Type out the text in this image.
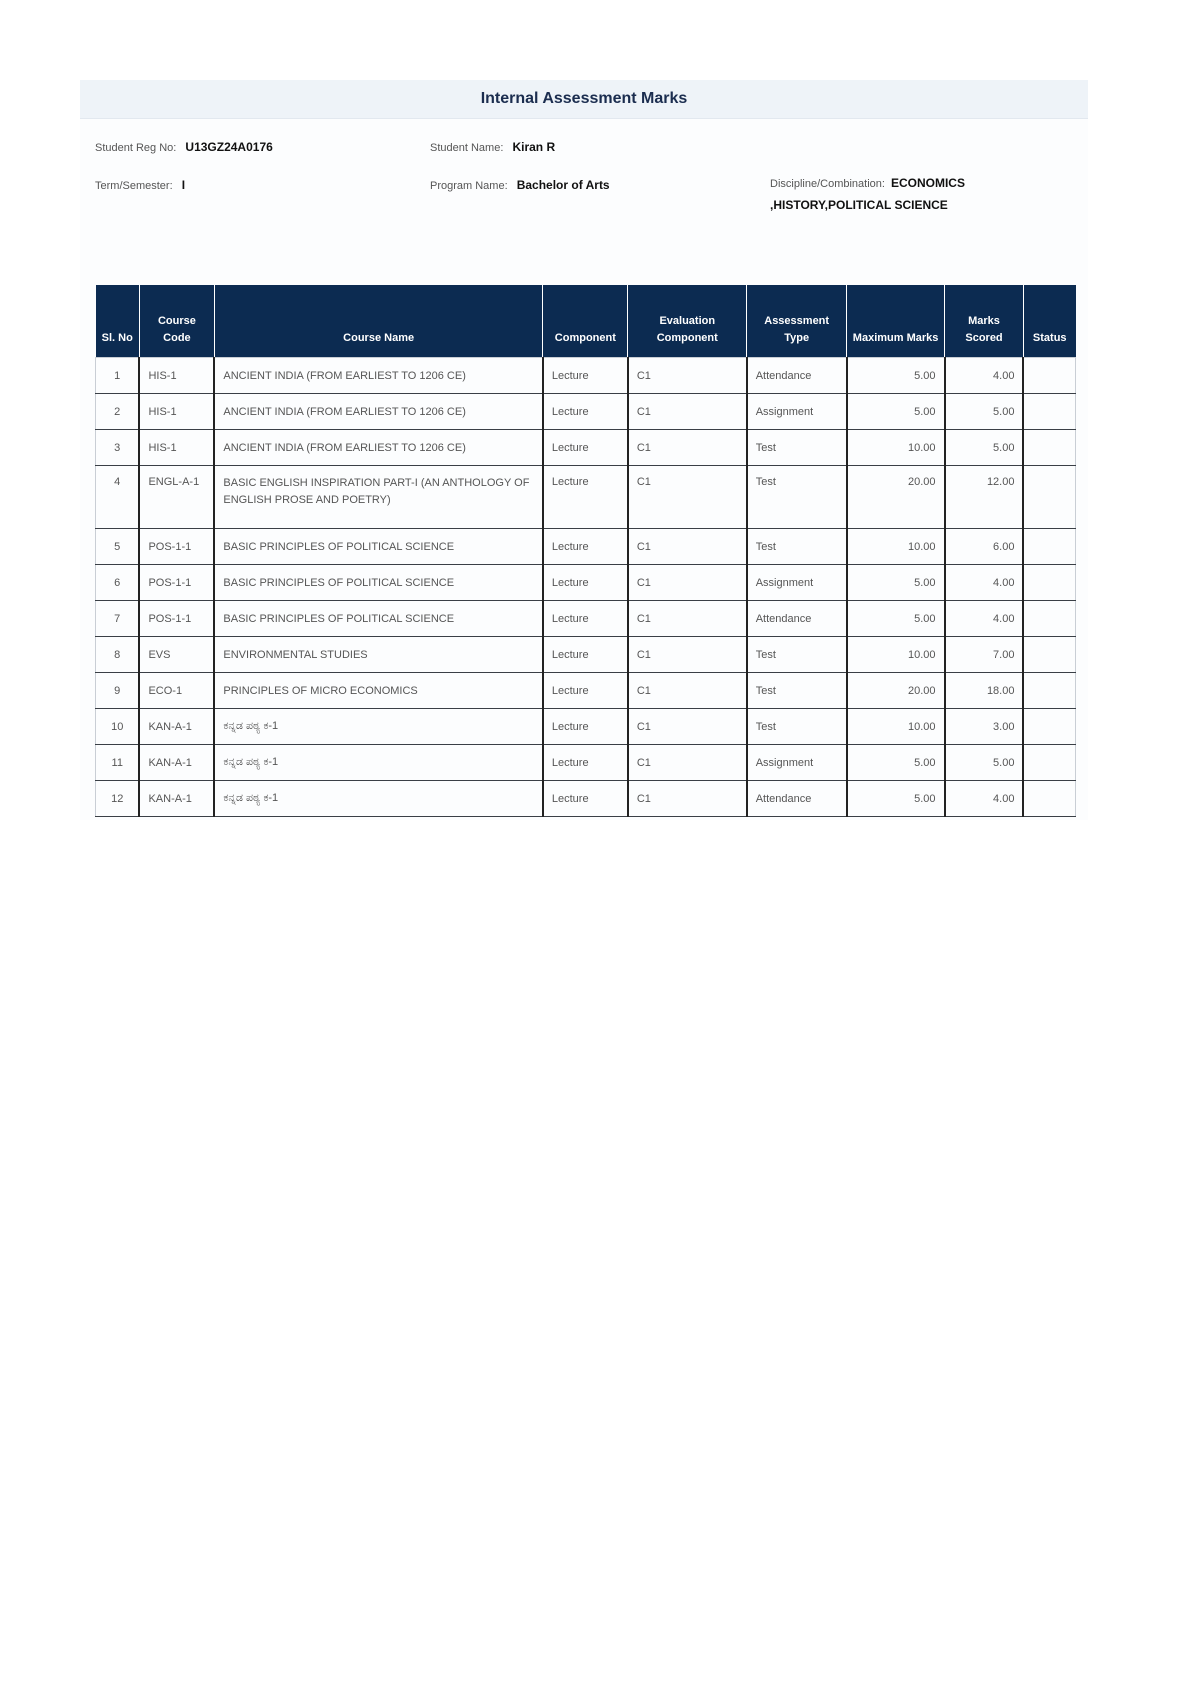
Internal Assessment Marks
Student Reg No: U13GZ24A0176	Student Name: Kiran R
Term/Semester: I	Program Name: Bachelor of Arts	Discipline/Combination: ECONOMICS ,HISTORY,POLITICAL SCIENCE
Sl. No	Course Code	Course Name	Component	Evaluation Component	Assessment Type	Maximum Marks	Marks Scored	Status
1	HIS-1	ANCIENT INDIA (FROM EARLIEST TO 1206 CE)	Lecture	C1	Attendance	5.00	4.00	
2	HIS-1	ANCIENT INDIA (FROM EARLIEST TO 1206 CE)	Lecture	C1	Assignment	5.00	5.00	
3	HIS-1	ANCIENT INDIA (FROM EARLIEST TO 1206 CE)	Lecture	C1	Test	10.00	5.00	
4	ENGL-A-1	BASIC ENGLISH INSPIRATION PART-I (AN ANTHOLOGY OF ENGLISH PROSE AND POETRY)	Lecture	C1	Test	20.00	12.00	
5	POS-1-1	BASIC PRINCIPLES OF POLITICAL SCIENCE	Lecture	C1	Test	10.00	6.00	
6	POS-1-1	BASIC PRINCIPLES OF POLITICAL SCIENCE	Lecture	C1	Assignment	5.00	4.00	
7	POS-1-1	BASIC PRINCIPLES OF POLITICAL SCIENCE	Lecture	C1	Attendance	5.00	4.00	
8	EVS	ENVIRONMENTAL STUDIES	Lecture	C1	Test	10.00	7.00	
9	ECO-1	PRINCIPLES OF MICRO ECONOMICS	Lecture	C1	Test	20.00	18.00	
10	KAN-A-1	ಕನ್ನಡ ಪಠ್ಯ ಕ-1	Lecture	C1	Test	10.00	3.00	
11	KAN-A-1	ಕನ್ನಡ ಪಠ್ಯ ಕ-1	Lecture	C1	Assignment	5.00	5.00	
12	KAN-A-1	ಕನ್ನಡ ಪಠ್ಯ ಕ-1	Lecture	C1	Attendance	5.00	4.00	
